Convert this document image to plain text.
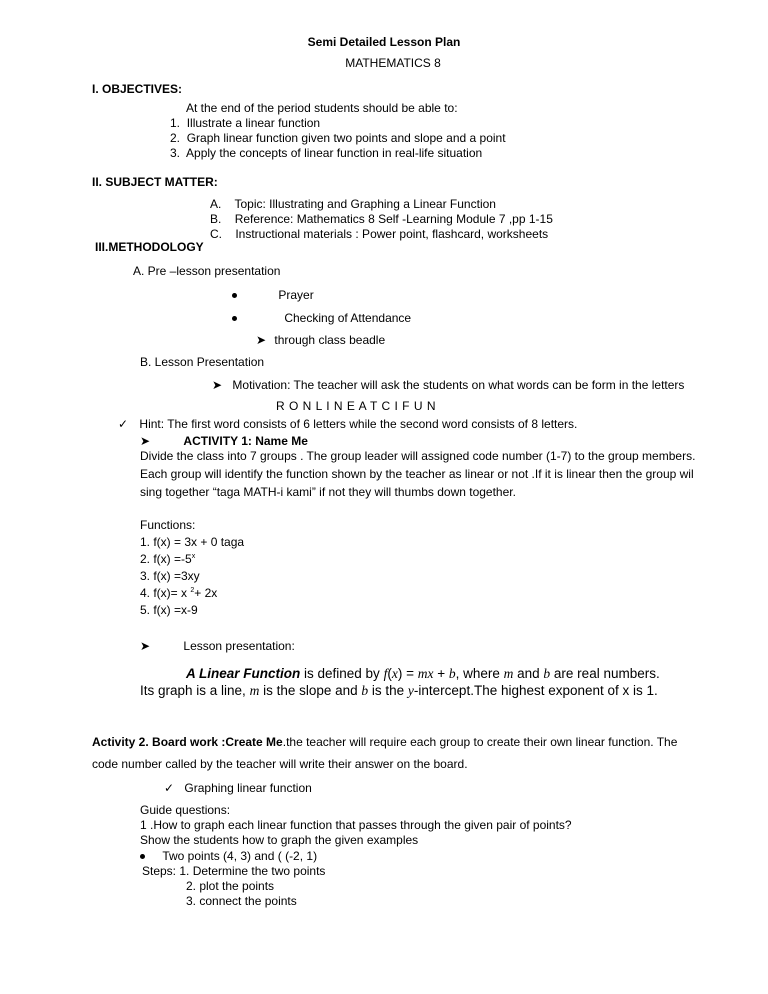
Semi Detailed Lesson Plan
MATHEMATICS 8
I. OBJECTIVES:
At the end of the period students should be able to:
1. Illustrate a linear function
2. Graph linear function given two points and slope and a point
3. Apply the concepts of linear function in real-life situation
II. SUBJECT MATTER:
A. Topic: Illustrating and Graphing a Linear Function
B. Reference: Mathematics 8 Self -Learning Module 7 ,pp 1-15
C. Instructional materials : Power point, flashcard, worksheets
III.METHODOLOGY
A. Pre –lesson presentation
Prayer
Checking of Attendance
➤ through class beadle
B. Lesson Presentation
➤ Motivation: The teacher will ask the students on what words can be form in the letters
R O N L I N E A T C I F U N
✓ Hint: The first word consists of 6 letters while the second word consists of 8 letters.
➤	ACTIVITY 1: Name Me
Divide the class into 7 groups . The group leader will assigned code number (1-7) to the group members. Each group will identify the function shown by the teacher as linear or not .If it is linear then the group wil sing together “taga MATH-i kami” if not they will thumbs down together.
Functions:
1. f(x) = 3x + 0 taga
2. $f(x) =-5^x$
3. f(x) =3xy
4. f(x)= x $^2$+ 2x
5. f(x) =x-9
➤	Lesson presentation:
A Linear Function is defined by f(x) = mx + b, where m and b are real numbers.
Its graph is a line, m is the slope and b is the y-intercept.The highest exponent of x is 1.
Activity 2. Board work :Create Me.the teacher will require each group to create their own linear function. The code number called by the teacher will write their answer on the board.
✓ Graphing linear function
Guide questions:
1 .How to graph each linear function that passes through the given pair of points?
Show the students how to graph the given examples
Two points (4, 3) and ( (-2, 1)
Steps: 1. Determine the two points
2. plot the points
3. connect the points
